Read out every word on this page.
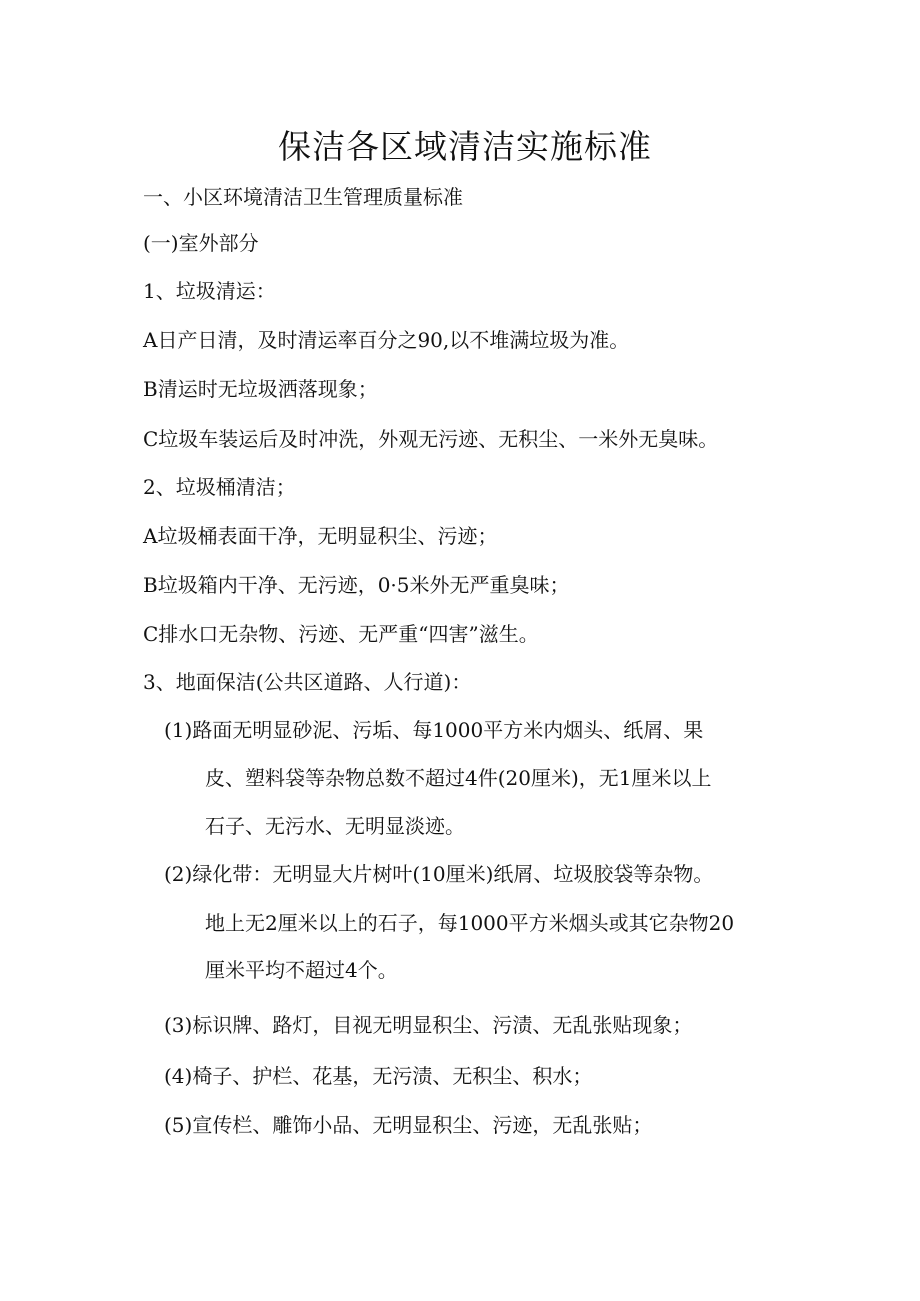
保洁各区域清洁实施标准
一、小区环境清洁卫生管理质量标准
(一)室外部分
1、垃圾清运：
A日产日清，及时清运率百分之90,以不堆满垃圾为准。
B清运时无垃圾洒落现象；
C垃圾车装运后及时冲洗，外观无污迹、无积尘、一米外无臭味。
2、垃圾桶清洁；
A垃圾桶表面干净，无明显积尘、污迹；
B垃圾箱内干净、无污迹，0·5米外无严重臭味；
C排水口无杂物、污迹、无严重“四害”滋生。
3、地面保洁(公共区道路、人行道)：
(1)路面无明显砂泥、污垢、每1000平方米内烟头、纸屑、果
皮、塑料袋等杂物总数不超过4件(20厘米)，无1厘米以上
石子、无污水、无明显淡迹。
(2)绿化带：无明显大片树叶(10厘米)纸屑、垃圾胶袋等杂物。
地上无2厘米以上的石子，每1000平方米烟头或其它杂物20
厘米平均不超过4个。
(3)标识牌、路灯，目视无明显积尘、污渍、无乱张贴现象；
(4)椅子、护栏、花基，无污渍、无积尘、积水；
(5)宣传栏、雕饰小品、无明显积尘、污迹，无乱张贴；
